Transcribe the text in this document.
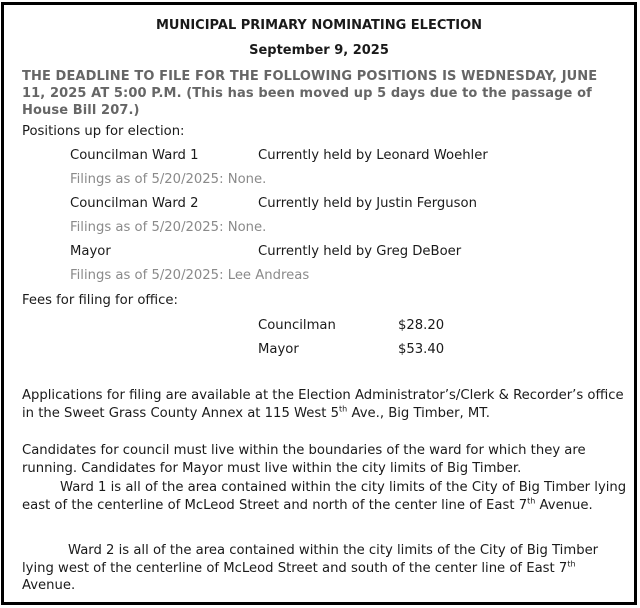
MUNICIPAL PRIMARY NOMINATING ELECTION
September 9, 2025
THE DEADLINE TO FILE FOR THE FOLLOWING POSITIONS IS WEDNESDAY, JUNE 11, 2025 AT 5:00 P.M. (This has been moved up 5 days due to the passage of House Bill 207.)
Positions up for election:
Councilman Ward 1	Currently held by Leonard Woehler
Filings as of 5/20/2025: None.
Councilman Ward 2	Currently held by Justin Ferguson
Filings as of 5/20/2025: None.
Mayor	Currently held by Greg DeBoer
Filings as of 5/20/2025: Lee Andreas
Fees for filing for office:
Councilman	$28.20
Mayor	$53.40
Applications for filing are available at the Election Administrator’s/Clerk & Recorder’s office in the Sweet Grass County Annex at 115 West 5th Ave., Big Timber, MT.
Candidates for council must live within the boundaries of the ward for which they are running. Candidates for Mayor must live within the city limits of Big Timber.
Ward 1 is all of the area contained within the city limits of the City of Big Timber lying east of the centerline of McLeod Street and north of the center line of East 7th Avenue.
Ward 2 is all of the area contained within the city limits of the City of Big Timber lying west of the centerline of McLeod Street and south of the center line of East 7th Avenue.
